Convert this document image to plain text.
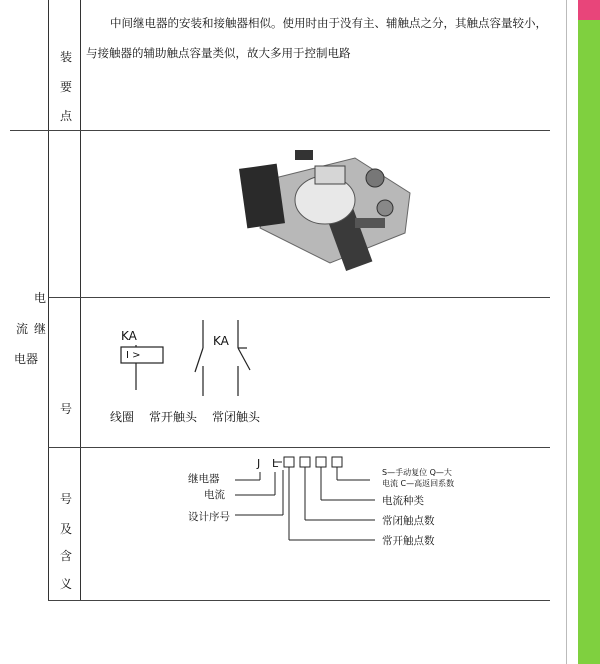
中间继电器的安装和接触器相似。使用时由于没有主、辅触点之分，其触点容量较小，
与接触器的辅助触点容量类似，故大多用于控制电路
装
要
点
电
流 继
电器
号
号
及
含
义
KA
I >
KA
线圈 常开触头 常闭触头
J L
继电器
电流
设计序号
S—手动复位 Q—大
电流 C—高返回系数
电流种类
常闭触点数
常开触点数
